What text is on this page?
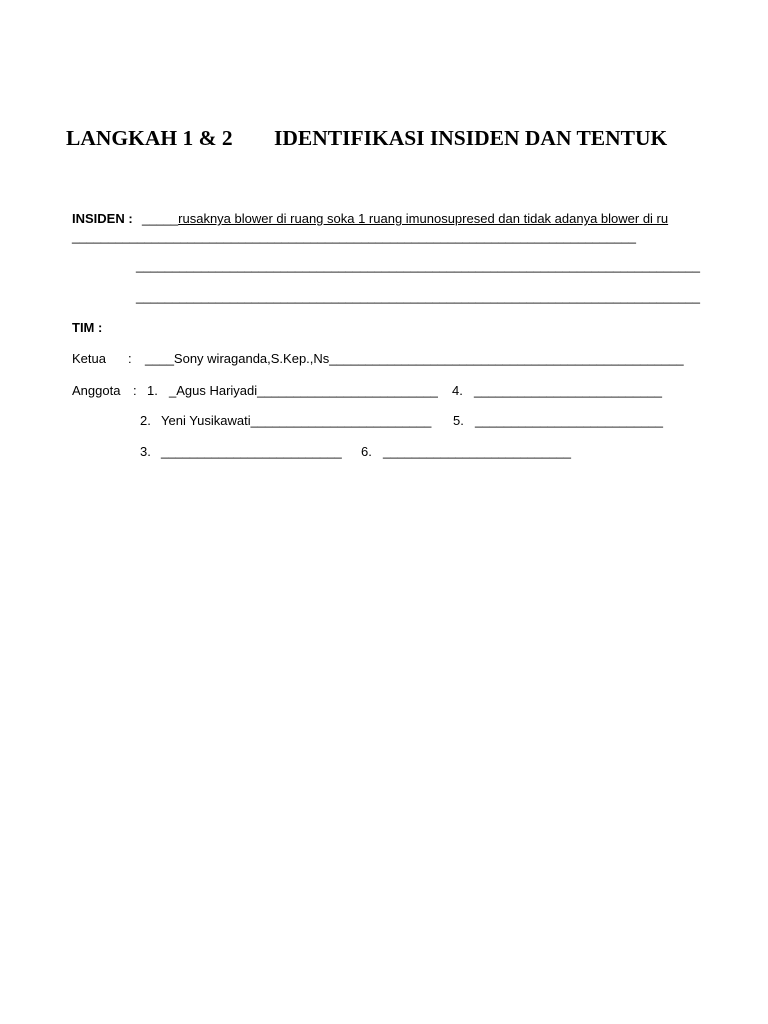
LANGKAH 1 & 2 IDENTIFIKASI INSIDEN DAN TENTUK
INSIDEN : _____rusaknya blower di ruang soka 1 ruang imunosupresed dan tidak adanya blower di ru
______________________________________________________________________________
______________________________________________________________________________
______________________________________________________________________________
TIM :
Ketua : ____Sony wiraganda,S.Kep.,Ns_________________________________________________
Anggota : 1. _Agus Hariyadi_________________________ 4. __________________________
2. Yeni Yusikawati_________________________ 5. __________________________
3. _________________________ 6. __________________________
